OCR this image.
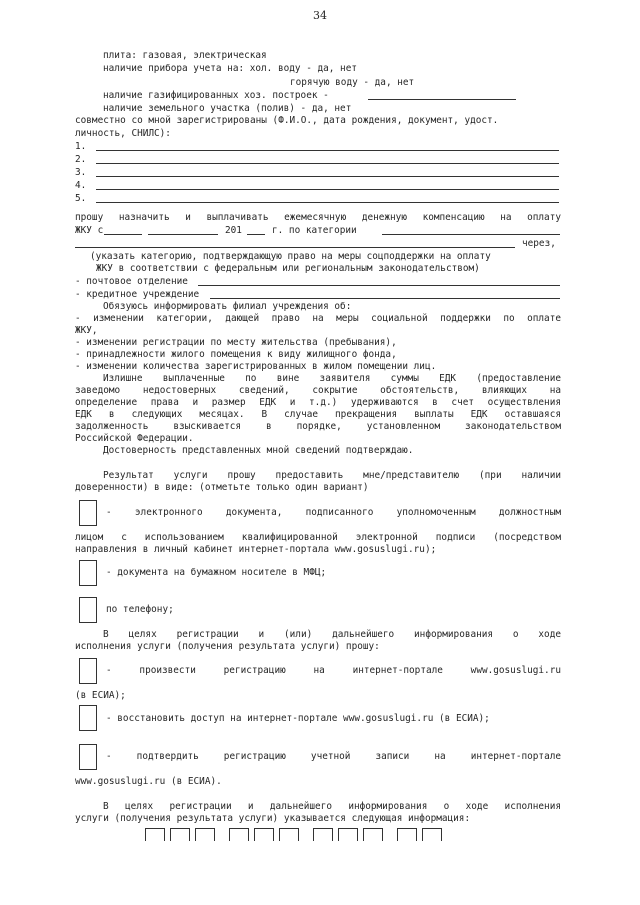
34
плита: газовая, электрическая
наличие прибора учета на: хол. воду - да, нет
горячую воду - да, нет
наличие газифицированных хоз. построек -
наличие земельного участка (полив) - да, нет
совместно со мной зарегистрированы (Ф.И.О., дата рождения, документ, удост.
личность, СНИЛС):
1.
2.
3.
4.
5.
прошу назначить и выплачивать ежемесячную денежную компенсацию на оплату
ЖКУ с	201	г. по категории
через,
(указать категорию, подтверждающую право на меры соцподдержки на оплату
ЖКУ в соответствии с федеральным или региональным законодательством)
- почтовое отделение
- кредитное учреждение
Обязуюсь информировать филиал учреждения об:
- изменении категории, дающей право на меры социальной поддержки по оплате
ЖКУ,
- изменении регистрации по месту жительства (пребывания),
- принадлежности жилого помещения к виду жилищного фонда,
- изменении количества зарегистрированных в жилом помещении лиц.
Излишне выплаченные по вине заявителя суммы ЕДК (предоставление
заведомо недостоверных сведений, сокрытие обстоятельств, влияющих на
определение права и размер ЕДК и т.д.) удерживаются в счет осуществления
ЕДК в следующих месяцах. В случае прекращения выплаты ЕДК оставшаяся
задолженность взыскивается в порядке, установленном законодательством
Российской Федерации.
Достоверность представленных мной сведений подтверждаю.
Результат услуги прошу предоставить мне/представителю (при наличии
доверенности) в виде: (отметьте только один вариант)
- электронного документа, подписанного уполномоченным должностным
лицом с использованием квалифицированной электронной подписи (посредством
направления в личный кабинет интернет-портала www.gosuslugi.ru);
- документа на бумажном носителе в МФЦ;
по телефону;
В целях регистрации и (или) дальнейшего информирования о ходе
исполнения услуги (получения результата услуги) прошу:
- произвести регистрацию на интернет-портале www.gosuslugi.ru
(в ЕСИА);
- восстановить доступ на интернет-портале www.gosuslugi.ru (в ЕСИА);
- подтвердить регистрацию учетной записи на интернет-портале
www.gosuslugi.ru (в ЕСИА).
В целях регистрации и дальнейшего информирования о ходе исполнения
услуги (получения результата услуги) указывается следующая информация:
